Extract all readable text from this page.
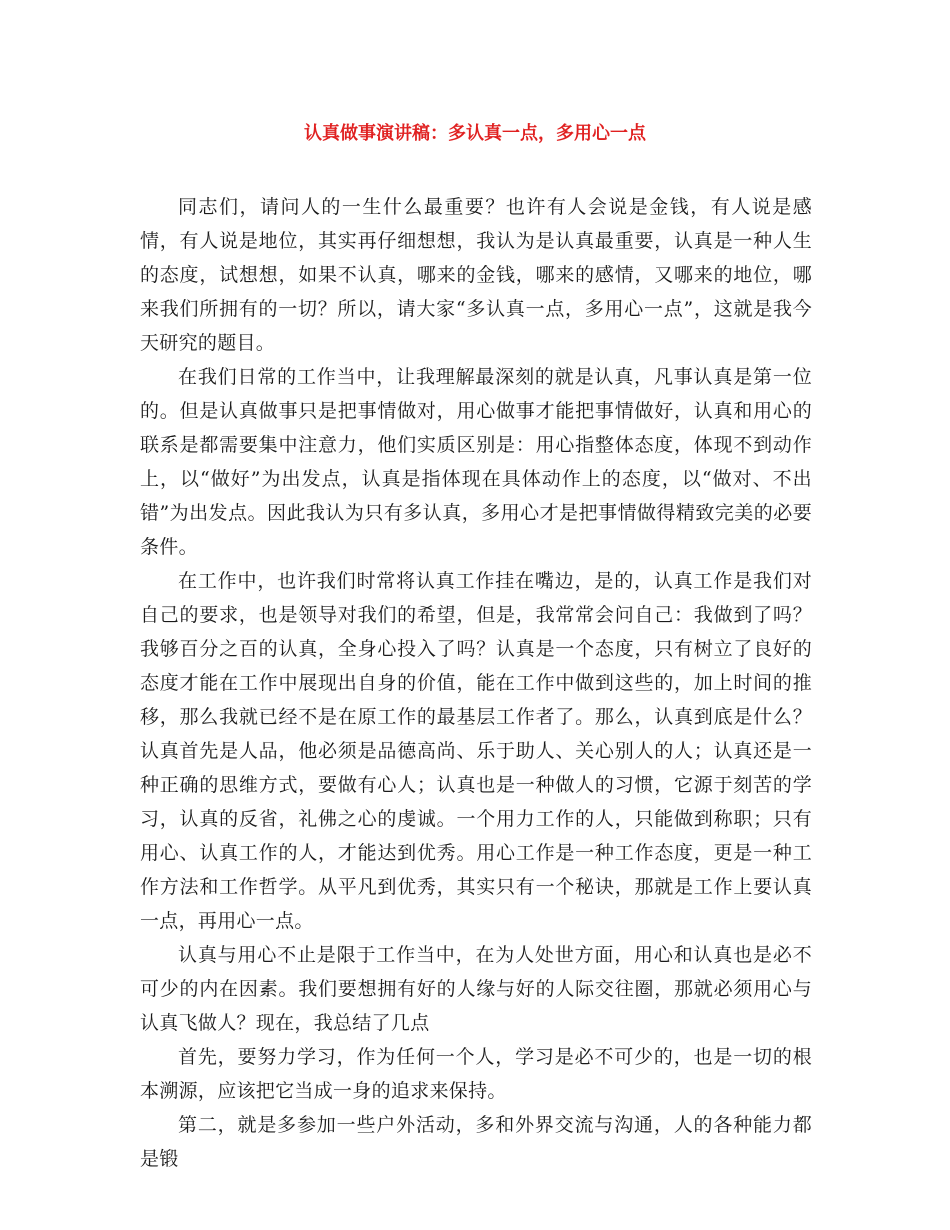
认真做事演讲稿：多认真一点，多用心一点

同志们，请问人的一生什么最重要？也许有人会说是金钱，有人说是感情，有人说是地位，其实再仔细想想，我认为是认真最重要，认真是一种人生的态度，试想想，如果不认真，哪来的金钱，哪来的感情，又哪来的地位，哪来我们所拥有的一切？所以，请大家“多认真一点，多用心一点”，这就是我今天研究的题目。

在我们日常的工作当中，让我理解最深刻的就是认真，凡事认真是第一位的。但是认真做事只是把事情做对，用心做事才能把事情做好，认真和用心的联系是都需要集中注意力，他们实质区别是：用心指整体态度，体现不到动作上，以“做好”为出发点，认真是指体现在具体动作上的态度，以“做对、不出错”为出发点。因此我认为只有多认真，多用心才是把事情做得精致完美的必要条件。

在工作中，也许我们时常将认真工作挂在嘴边，是的，认真工作是我们对自己的要求，也是领导对我们的希望，但是，我常常会问自己：我做到了吗？我够百分之百的认真，全身心投入了吗？认真是一个态度，只有树立了良好的态度才能在工作中展现出自身的价值，能在工作中做到这些的，加上时间的推移，那么我就已经不是在原工作的最基层工作者了。那么，认真到底是什么？认真首先是人品，他必须是品德高尚、乐于助人、关心别人的人；认真还是一种正确的思维方式，要做有心人；认真也是一种做人的习惯，它源于刻苦的学习，认真的反省，礼佛之心的虔诚。一个用力工作的人，只能做到称职；只有用心、认真工作的人，才能达到优秀。用心工作是一种工作态度，更是一种工作方法和工作哲学。从平凡到优秀，其实只有一个秘诀，那就是工作上要认真一点，再用心一点。

认真与用心不止是限于工作当中，在为人处世方面，用心和认真也是必不可少的内在因素。我们要想拥有好的人缘与好的人际交往圈，那就必须用心与认真飞做人？现在，我总结了几点

首先，要努力学习，作为任何一个人，学习是必不可少的，也是一切的根本溯源，应该把它当成一身的追求来保持。

第二，就是多参加一些户外活动，多和外界交流与沟通，人的各种能力都是锻
